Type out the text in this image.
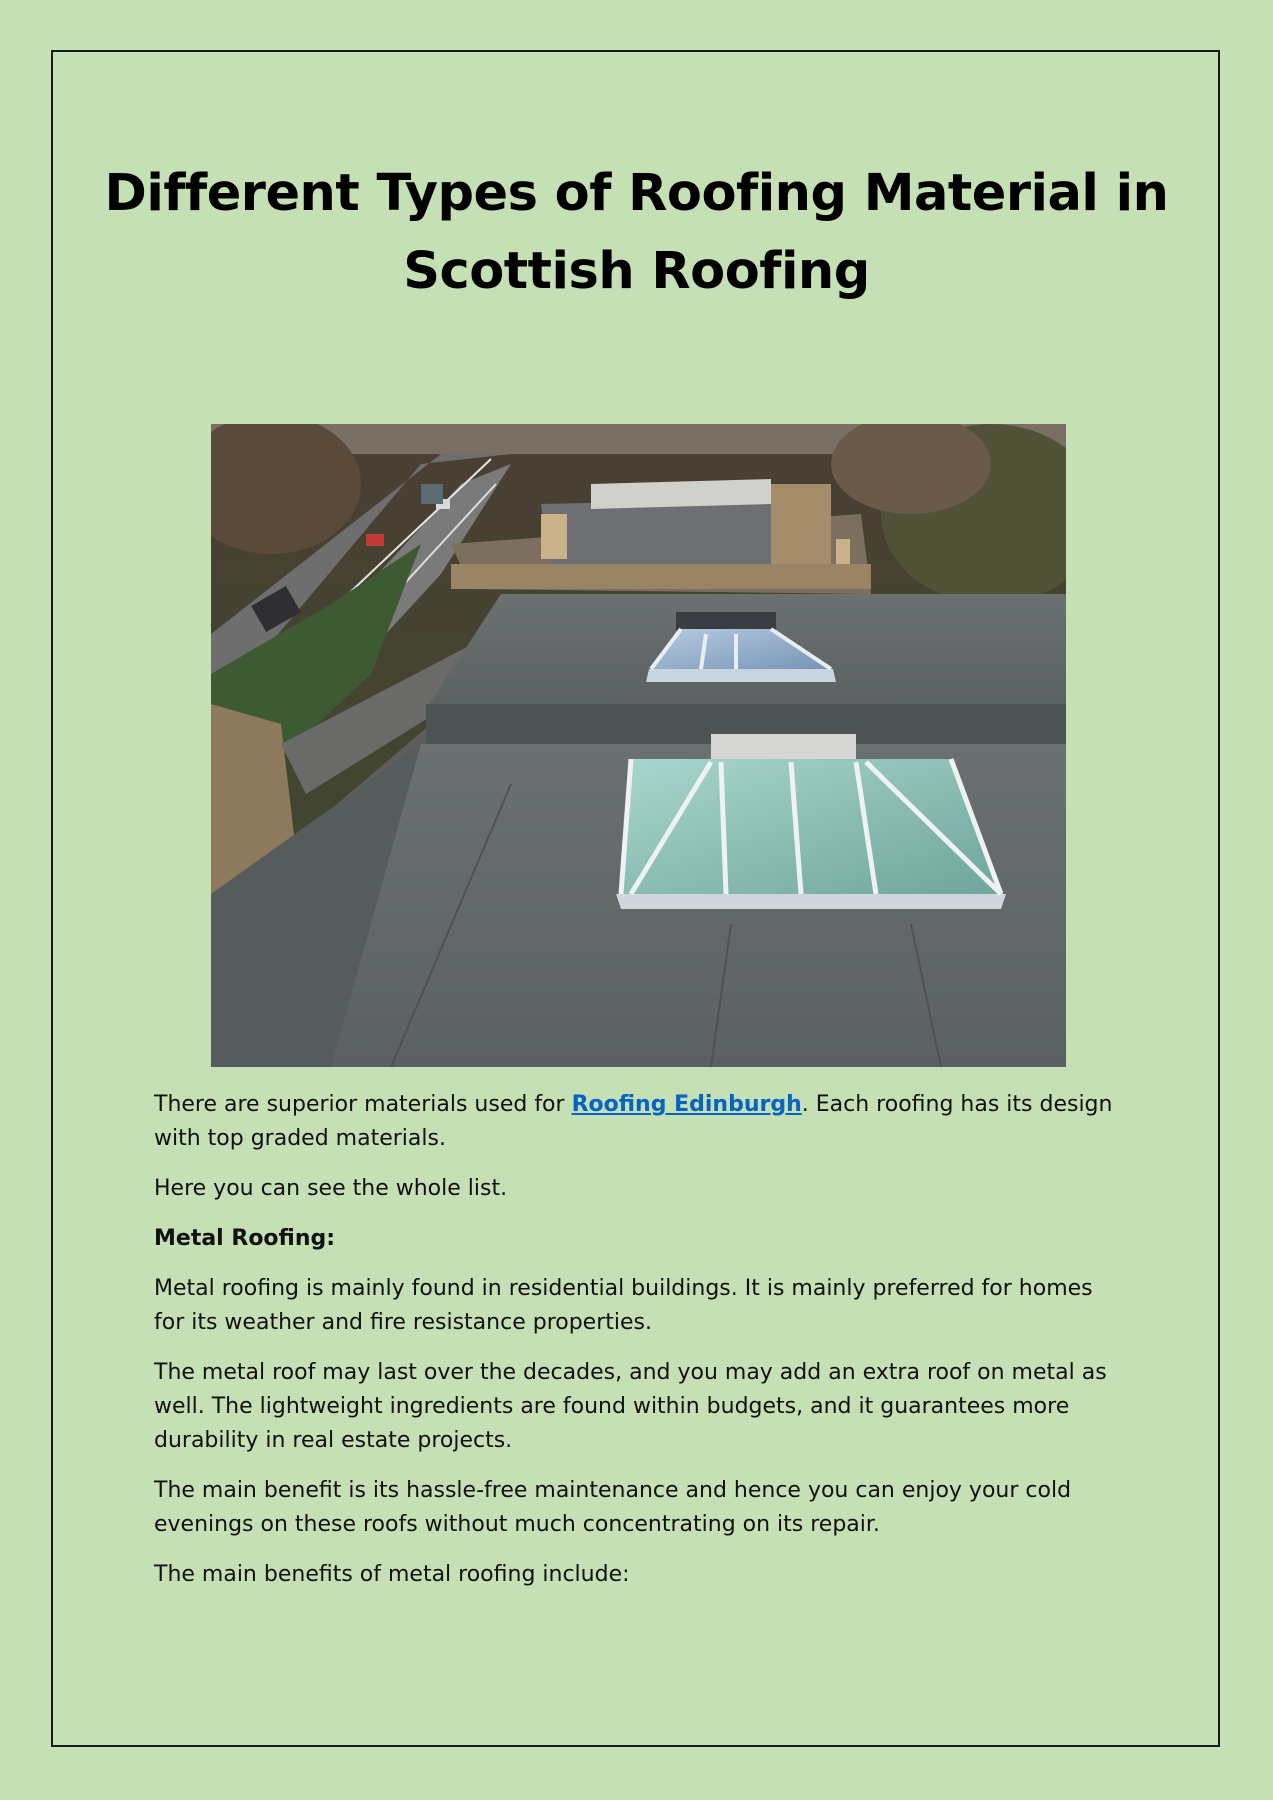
Different Types of Roofing Material in
Scottish Roofing

There are superior materials used for Roofing Edinburgh. Each roofing has its design with top graded materials.

Here you can see the whole list.

Metal Roofing:

Metal roofing is mainly found in residential buildings. It is mainly preferred for homes for its weather and fire resistance properties.

The metal roof may last over the decades, and you may add an extra roof on metal as well. The lightweight ingredients are found within budgets, and it guarantees more durability in real estate projects.

The main benefit is its hassle-free maintenance and hence you can enjoy your cold evenings on these roofs without much concentrating on its repair.

The main benefits of metal roofing include:
